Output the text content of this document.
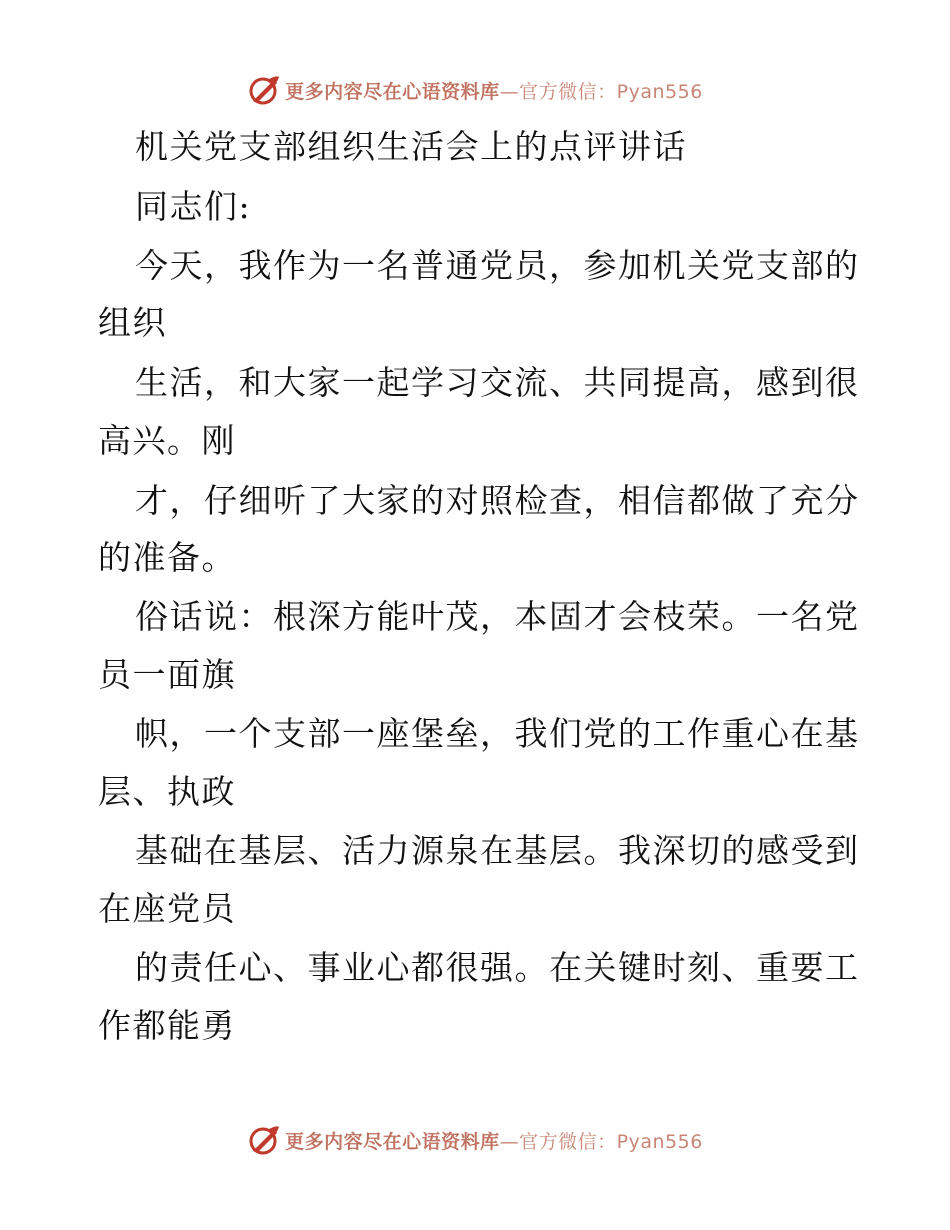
更多内容尽在心语资料库—官方微信：Pyan556
机关党支部组织生活会上的点评讲话
同志们:
今天，我作为一名普通党员，参加机关党支部的
组织
生活，和大家一起学习交流、共同提高，感到很
高兴。刚
才，仔细听了大家的对照检查，相信都做了充分
的准备。
俗话说：根深方能叶茂，本固才会枝荣。一名党
员一面旗
帜，一个支部一座堡垒，我们党的工作重心在基
层、执政
基础在基层、活力源泉在基层。我深切的感受到
在座党员
的责任心、事业心都很强。在关键时刻、重要工
作都能勇
更多内容尽在心语资料库—官方微信：Pyan556
